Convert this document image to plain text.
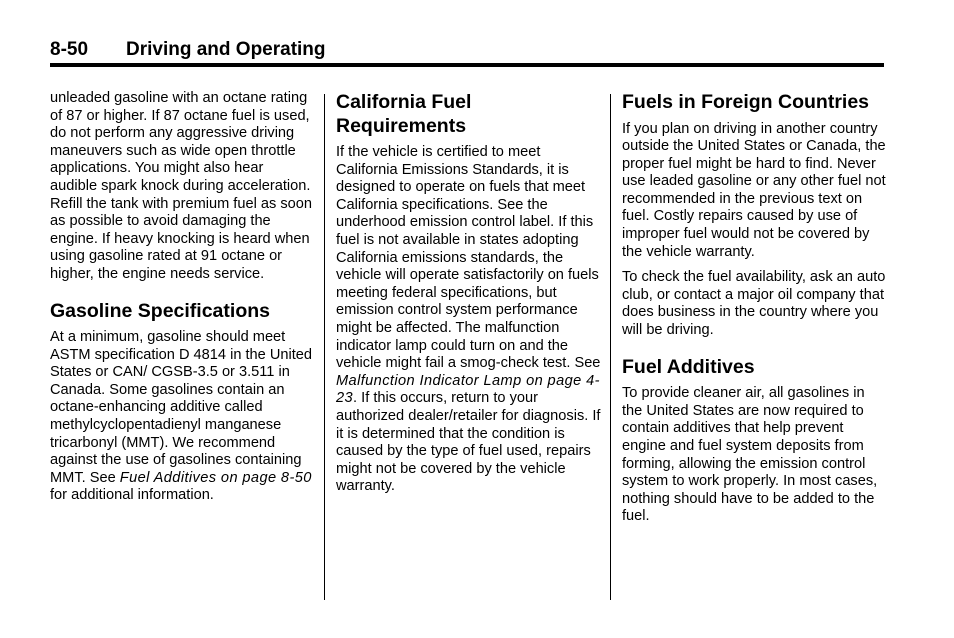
8-50 Driving and Operating

unleaded gasoline with an octane rating of 87 or higher. If 87 octane fuel is used, do not perform any aggressive driving maneuvers such as wide open throttle applications. You might also hear audible spark knock during acceleration. Refill the tank with premium fuel as soon as possible to avoid damaging the engine. If heavy knocking is heard when using gasoline rated at 91 octane or higher, the engine needs service.

Gasoline Specifications

At a minimum, gasoline should meet ASTM specification D 4814 in the United States or CAN/ CGSB-3.5 or 3.511 in Canada. Some gasolines contain an octane-enhancing additive called methylcyclopentadienyl manganese tricarbonyl (MMT). We recommend against the use of gasolines containing MMT. See Fuel Additives on page 8-50 for additional information.

California Fuel Requirements

If the vehicle is certified to meet California Emissions Standards, it is designed to operate on fuels that meet California specifications. See the underhood emission control label. If this fuel is not available in states adopting California emissions standards, the vehicle will operate satisfactorily on fuels meeting federal specifications, but emission control system performance might be affected. The malfunction indicator lamp could turn on and the vehicle might fail a smog-check test. See Malfunction Indicator Lamp on page 4-23. If this occurs, return to your authorized dealer/retailer for diagnosis. If it is determined that the condition is caused by the type of fuel used, repairs might not be covered by the vehicle warranty.

Fuels in Foreign Countries

If you plan on driving in another country outside the United States or Canada, the proper fuel might be hard to find. Never use leaded gasoline or any other fuel not recommended in the previous text on fuel. Costly repairs caused by use of improper fuel would not be covered by the vehicle warranty.

To check the fuel availability, ask an auto club, or contact a major oil company that does business in the country where you will be driving.

Fuel Additives

To provide cleaner air, all gasolines in the United States are now required to contain additives that help prevent engine and fuel system deposits from forming, allowing the emission control system to work properly. In most cases, nothing should have to be added to the fuel.
